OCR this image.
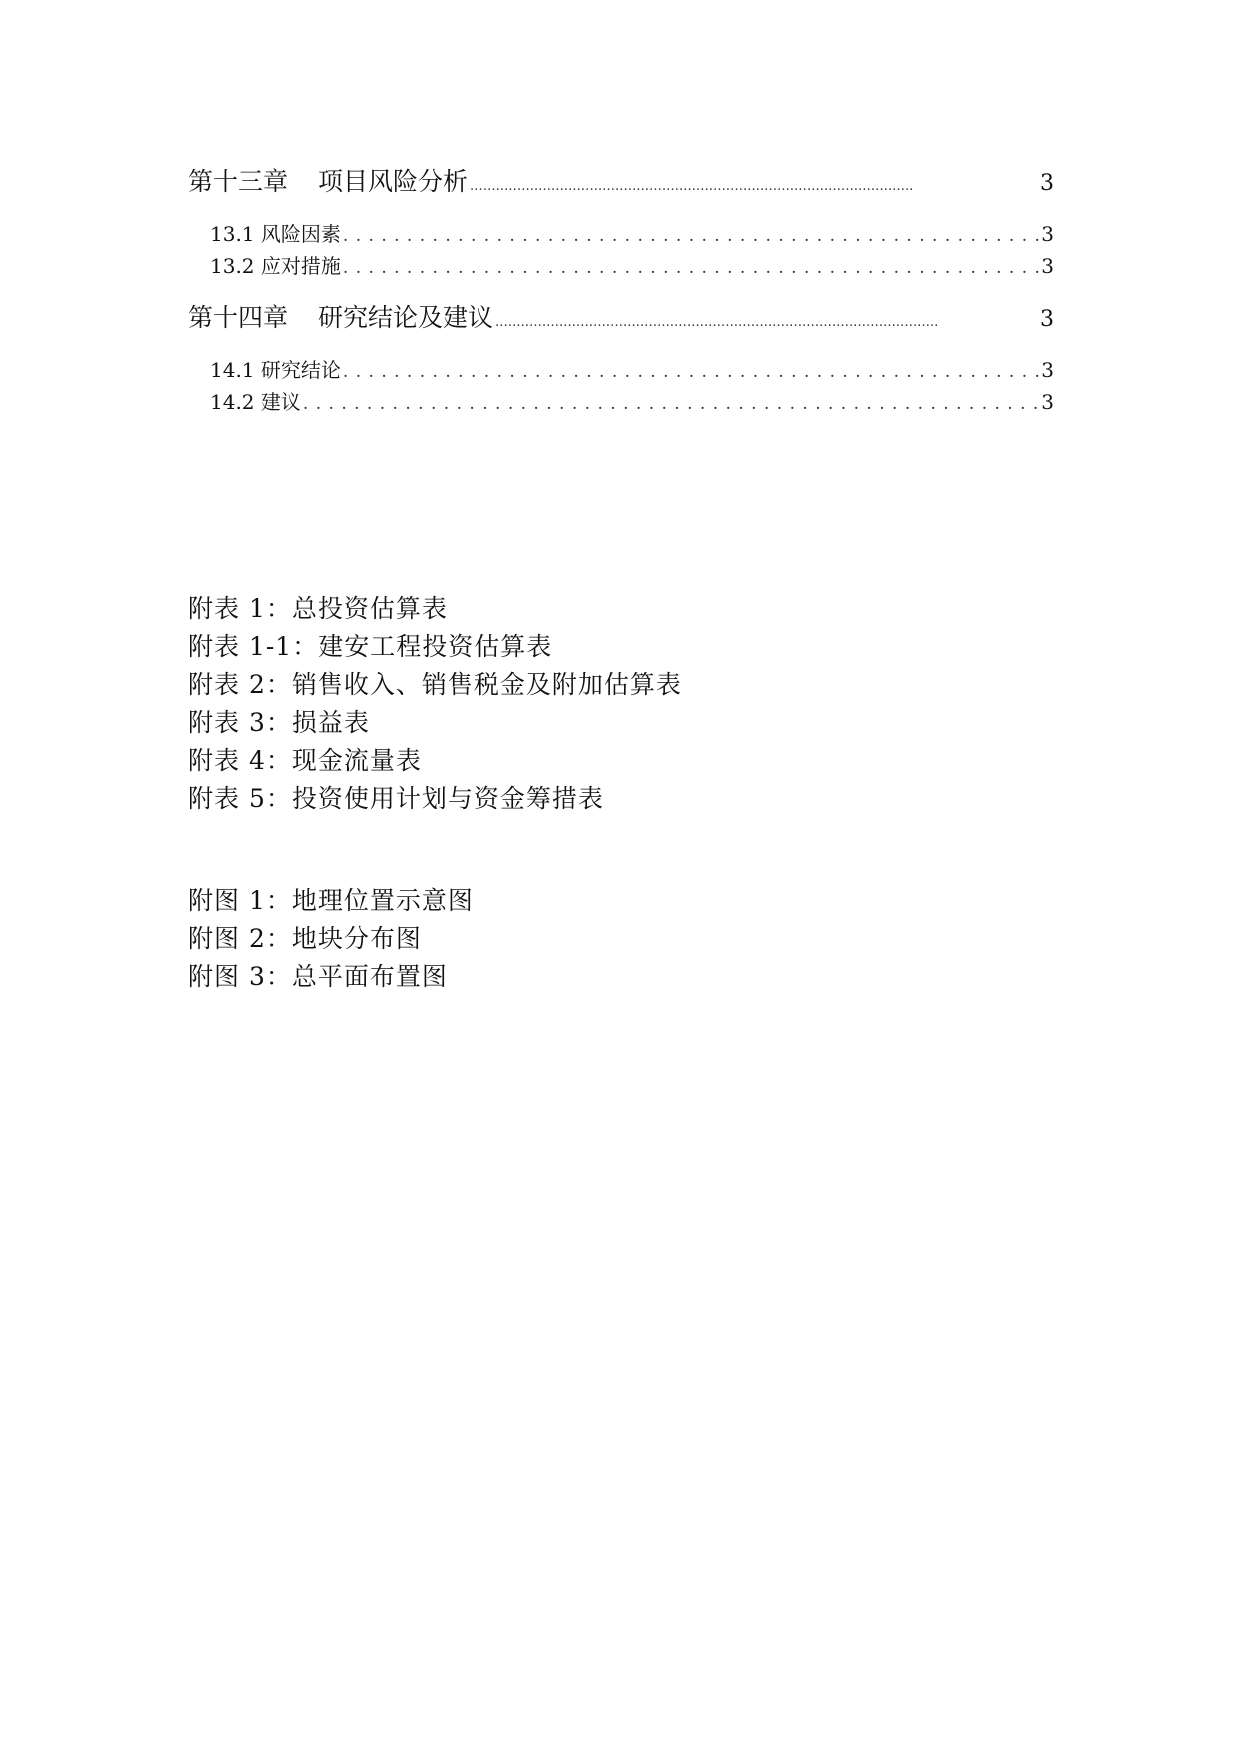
第十三章 项目风险分析 . . .	3
13.1 风险因素 . . .	3
13.2 应对措施 . . .	3
第十四章 研究结论及建议 . . .	3
14.1 研究结论 . . .	3
14.2 建议 . . .	3
附表 1：总投资估算表
附表 1-1：建安工程投资估算表
附表 2：销售收入、销售税金及附加估算表
附表 3：损益表
附表 4：现金流量表
附表 5：投资使用计划与资金筹措表
附图 1：地理位置示意图
附图 2：地块分布图
附图 3：总平面布置图
